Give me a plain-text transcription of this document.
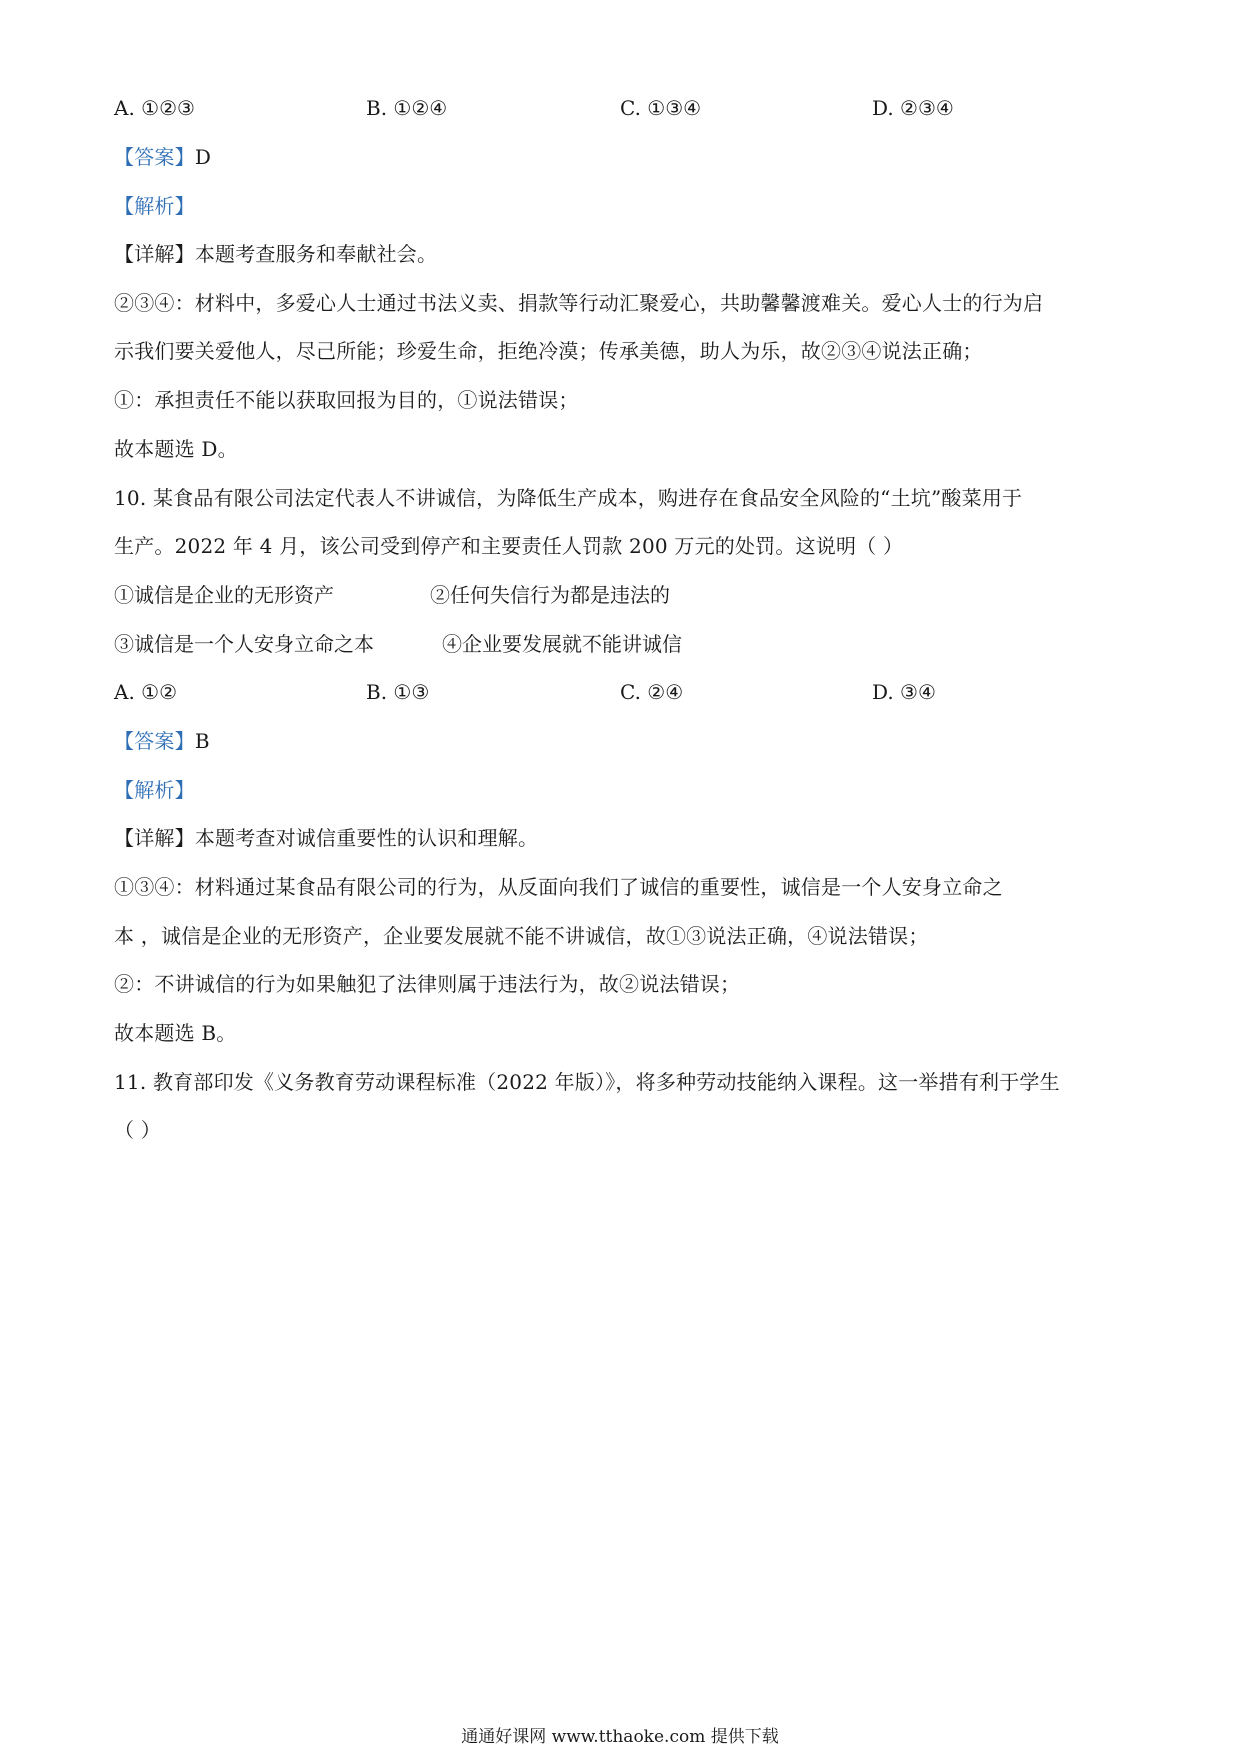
A. ①②③	B. ①②④	C. ①③④	D. ②③④
【答案】D
【解析】
【详解】本题考查服务和奉献社会。
②③④：材料中，多爱心人士通过书法义卖、捐款等行动汇聚爱心，共助馨馨渡难关。爱心人士的行为启
示我们要关爱他人，尽己所能；珍爱生命，拒绝冷漠；传承美德，助人为乐，故②③④说法正确；
①：承担责任不能以获取回报为目的，①说法错误；
故本题选 D。
10. 某食品有限公司法定代表人不讲诚信，为降低生产成本，购进存在食品安全风险的“土坑”酸菜用于
生产。2022 年 4 月，该公司受到停产和主要责任人罚款 200 万元的处罚。这说明（ ）
①诚信是企业的无形资产	②任何失信行为都是违法的
③诚信是一个人安身立命之本	④企业要发展就不能讲诚信
A. ①②	B. ①③	C. ②④	D. ③④
【答案】B
【解析】
【详解】本题考查对诚信重要性的认识和理解。
①③④：材料通过某食品有限公司的行为，从反面向我们了诚信的重要性，诚信是一个人安身立命之
本 ，诚信是企业的无形资产，企业要发展就不能不讲诚信，故①③说法正确，④说法错误；
②：不讲诚信的行为如果触犯了法律则属于违法行为，故②说法错误；
故本题选 B。
11. 教育部印发《义务教育劳动课程标准（2022 年版）》，将多种劳动技能纳入课程。这一举措有利于学生
（ ）
通通好课网 www.tthaoke.com 提供下载
